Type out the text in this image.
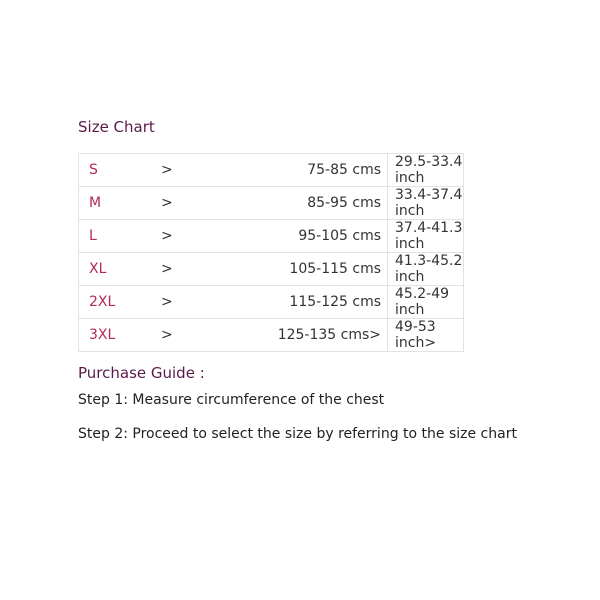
Size Chart
S	>	75-85 cms	29.5-33.4 inch
M	>	85-95 cms	33.4-37.4 inch
L	>	95-105 cms	37.4-41.3 inch
XL	>	105-115 cms	41.3-45.2 inch
2XL	>	115-125 cms	45.2-49 inch
3XL	>	125-135 cms>	49-53 inch>
Purchase Guide :
Step 1: Measure circumference of the chest
Step 2: Proceed to select the size by referring to the size chart
